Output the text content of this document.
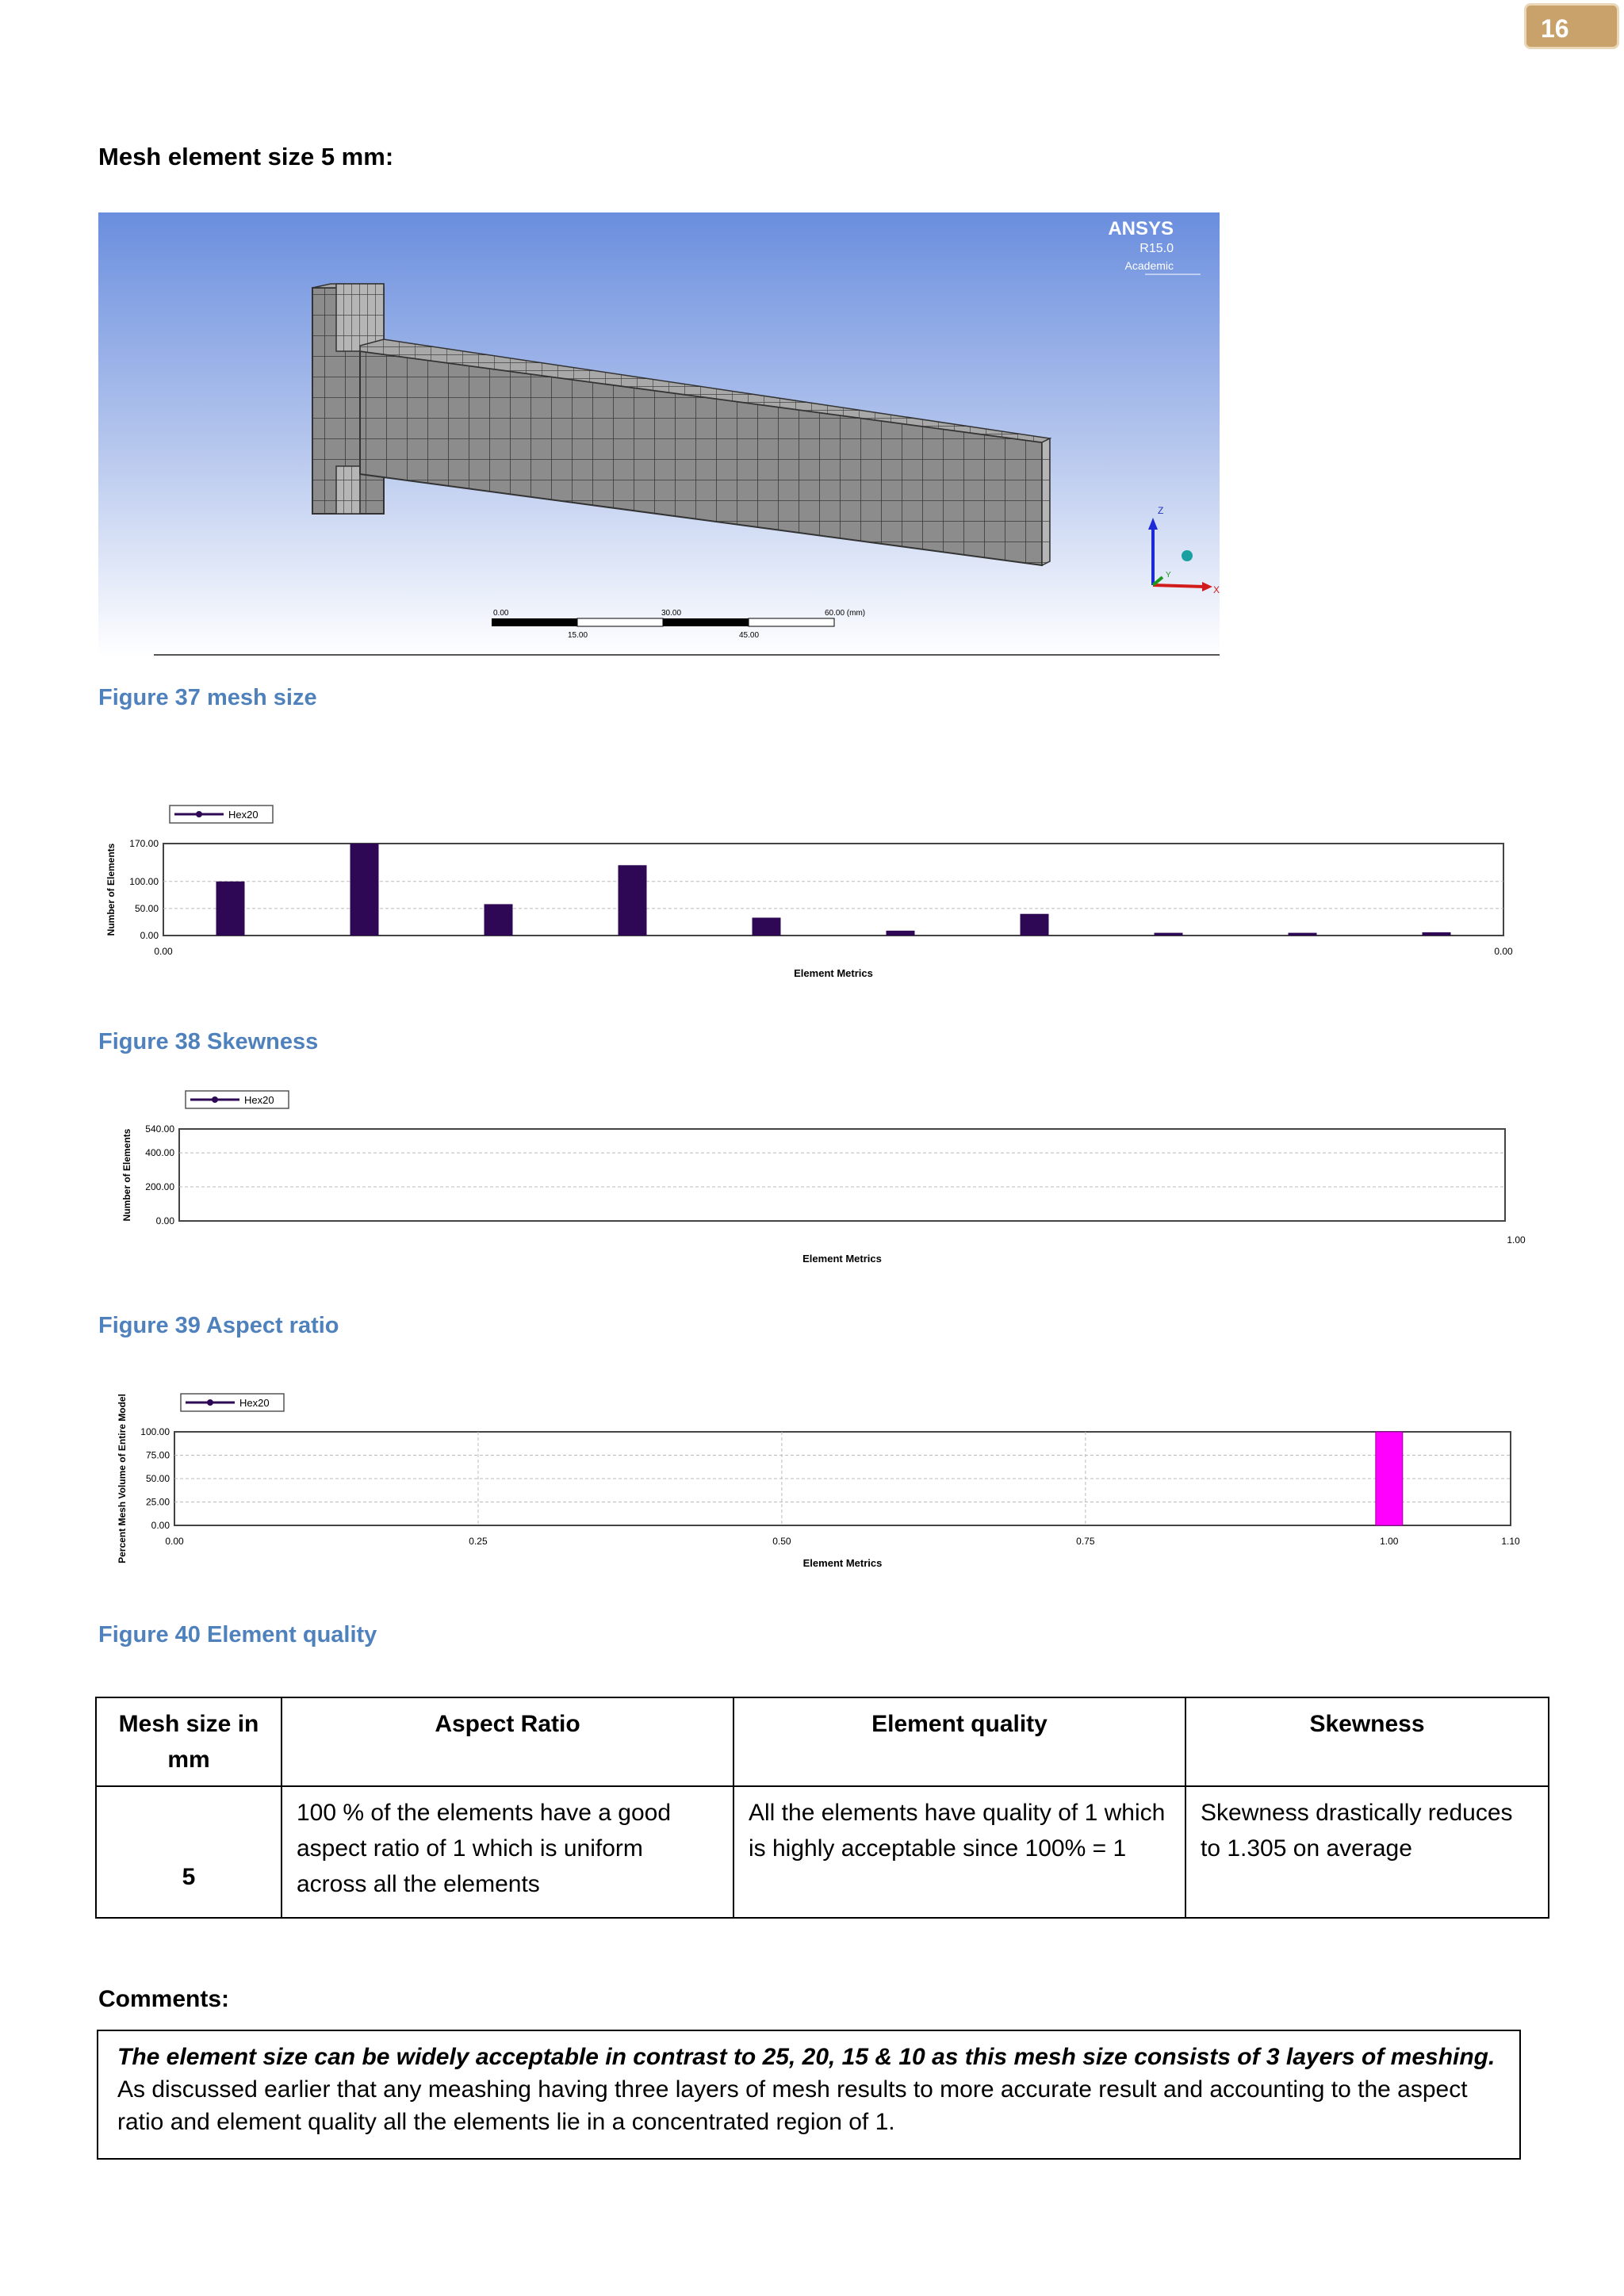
16
Mesh element size 5 mm:
ANSYS
R15.0
Academic
Z
Y
X
0.00	30.00	60.00 (mm)
15.00	45.00
Figure 37 mesh size
Hex20
170.00
100.00
50.00
0.00
Number of Elements
Element Metrics
0.00	0.00
Figure 38 Skewness
Hex20
540.00
400.00
200.00
0.00
Number of Elements
Element Metrics
1.00
Figure 39 Aspect ratio
Hex20
100.00
75.00
50.00
25.00
0.00
Percent Mesh Volume of Entire Model	Element Metrics
0.00	0.25	0.50	0.75	1.00	1.10
Figure 40 Element quality
Mesh size in mm	Aspect Ratio	Element quality	Skewness
5	100 % of the elements have a good aspect ratio of 1 which is uniform across all the elements	All the elements have quality of 1 which is highly acceptable since 100% = 1	Skewness drastically reduces to 1.305 on average
Comments:
The element size can be widely acceptable in contrast to 25, 20, 15 & 10 as this mesh size consists of 3 layers of meshing. As discussed earlier that any meashing having three layers of mesh results to more accurate result and accounting to the aspect ratio and element quality all the elements lie in a concentrated region of 1.
